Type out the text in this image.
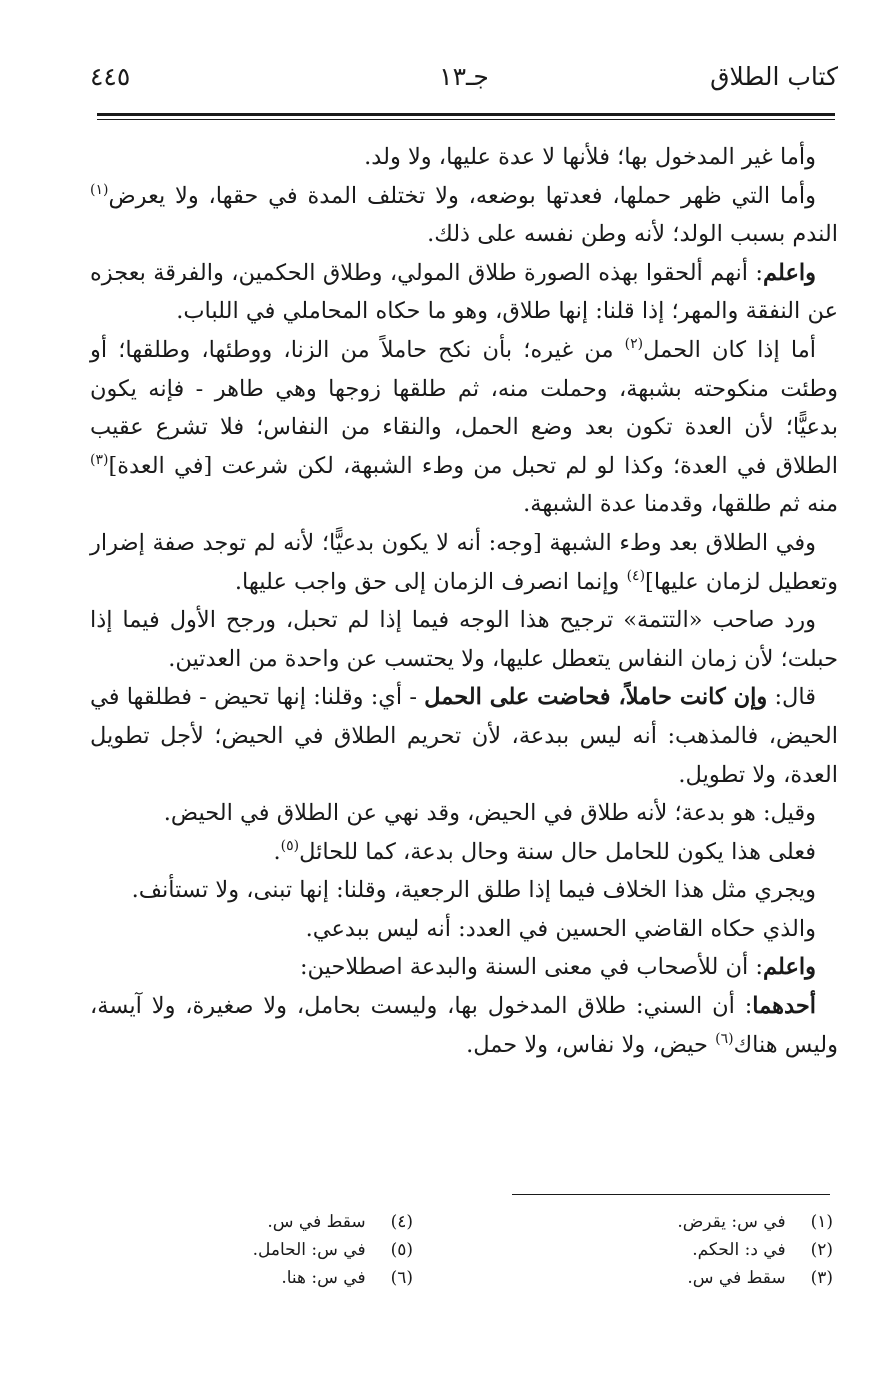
كتاب الطلاق
جـ١٣
٤٤٥

وأما غير المدخول بها؛ فلأنها لا عدة عليها، ولا ولد.

وأما التي ظهر حملها، فعدتها بوضعه، ولا تختلف المدة في حقها، ولا يعرض$^{(١)}$ الندم بسبب الولد؛ لأنه وطن نفسه على ذلك.

واعلم: أنهم ألحقوا بهذه الصورة طلاق المولي، وطلاق الحكمين، والفرقة بعجزه عن النفقة والمهر؛ إذا قلنا: إنها طلاق، وهو ما حكاه المحاملي في اللباب.

أما إذا كان الحمل$^{(٢)}$ من غيره؛ بأن نكح حاملاً من الزنا، ووطئها، وطلقها؛ أو وطئت منكوحته بشبهة، وحملت منه، ثم طلقها زوجها وهي طاهر - فإنه يكون بدعيًّا؛ لأن العدة تكون بعد وضع الحمل، والنقاء من النفاس؛ فلا تشرع عقيب الطلاق في العدة؛ وكذا لو لم تحبل من وطء الشبهة، لكن شرعت [في العدة]$^{(٣)}$ منه ثم طلقها، وقدمنا عدة الشبهة.

وفي الطلاق بعد وطء الشبهة [وجه: أنه لا يكون بدعيًّا؛ لأنه لم توجد صفة إضرار وتعطيل لزمان عليها]$^{(٤)}$ وإنما انصرف الزمان إلى حق واجب عليها.

ورد صاحب «التتمة» ترجيح هذا الوجه فيما إذا لم تحبل، ورجح الأول فيما إذا حبلت؛ لأن زمان النفاس يتعطل عليها، ولا يحتسب عن واحدة من العدتين.

قال: وإن كانت حاملاً، فحاضت على الحمل - أي: وقلنا: إنها تحيض - فطلقها في الحيض، فالمذهب: أنه ليس ببدعة، لأن تحريم الطلاق في الحيض؛ لأجل تطويل العدة، ولا تطويل.

وقيل: هو بدعة؛ لأنه طلاق في الحيض، وقد نهي عن الطلاق في الحيض.

فعلى هذا يكون للحامل حال سنة وحال بدعة، كما للحائل$^{(٥)}$.

ويجري مثل هذا الخلاف فيما إذا طلق الرجعية، وقلنا: إنها تبنى، ولا تستأنف.

والذي حكاه القاضي الحسين في العدد: أنه ليس ببدعي.

واعلم: أن للأصحاب في معنى السنة والبدعة اصطلاحين:

أحدهما: أن السني: طلاق المدخول بها، وليست بحامل، ولا صغيرة، ولا آيسة، وليس هناك$^{(٦)}$ حيض، ولا نفاس، ولا حمل.

(١) في س: يقرض.
(٢) في د: الحكم.
(٣) سقط في س.
(٤) سقط في س.
(٥) في س: الحامل.
(٦) في س: هنا.
